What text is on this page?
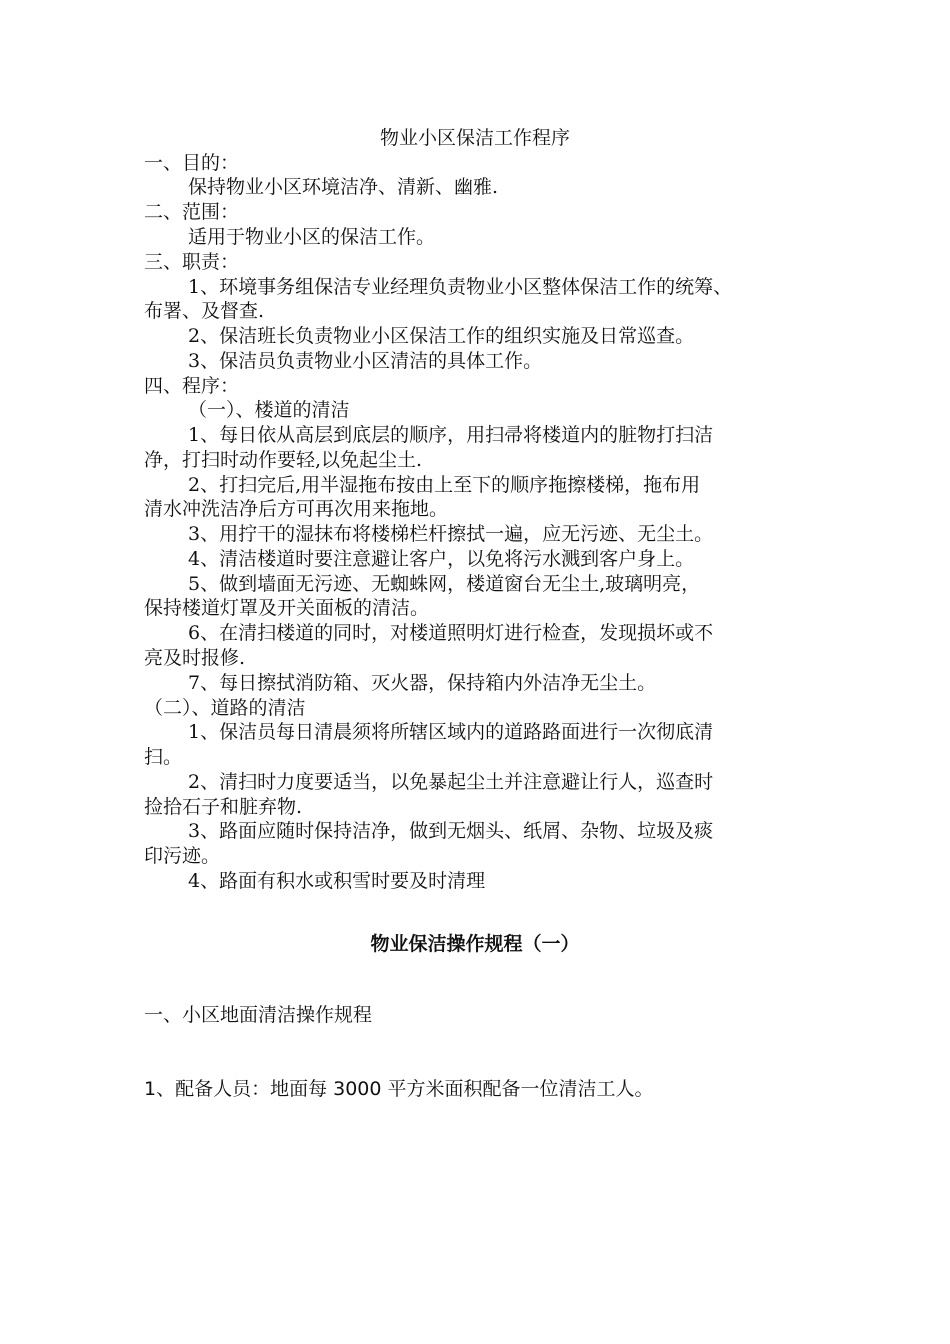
物业小区保洁工作程序
一、目的：
保持物业小区环境洁净、清新、幽雅.
二、范围：
适用于物业小区的保洁工作。
三、职责：
1、环境事务组保洁专业经理负责物业小区整体保洁工作的统筹、
布署、及督查.
2、保洁班长负责物业小区保洁工作的组织实施及日常巡查。
3、保洁员负责物业小区清洁的具体工作。
四、程序：
（一）、楼道的清洁
1、每日依从高层到底层的顺序，用扫帚将楼道内的脏物打扫洁
净，打扫时动作要轻,以免起尘土.
2、打扫完后,用半湿拖布按由上至下的顺序拖擦楼梯，拖布用
清水冲洗洁净后方可再次用来拖地。
3、用拧干的湿抹布将楼梯栏杆擦拭一遍，应无污迹、无尘土。
4、清洁楼道时要注意避让客户，以免将污水溅到客户身上。
5、做到墙面无污迹、无蜘蛛网，楼道窗台无尘土,玻璃明亮，
保持楼道灯罩及开关面板的清洁。
6、在清扫楼道的同时，对楼道照明灯进行检查，发现损坏或不
亮及时报修.
7、每日擦拭消防箱、灭火器，保持箱内外洁净无尘土。
（二）、道路的清洁
1、保洁员每日清晨须将所辖区域内的道路路面进行一次彻底清
扫。
2、清扫时力度要适当，以免暴起尘土并注意避让行人，巡查时
捡拾石子和脏弃物.
3、路面应随时保持洁净，做到无烟头、纸屑、杂物、垃圾及痰
印污迹。
4、路面有积水或积雪时要及时清理
物业保洁操作规程（一）
一、小区地面清洁操作规程
1、配备人员：地面每 3000 平方米面积配备一位清洁工人。
